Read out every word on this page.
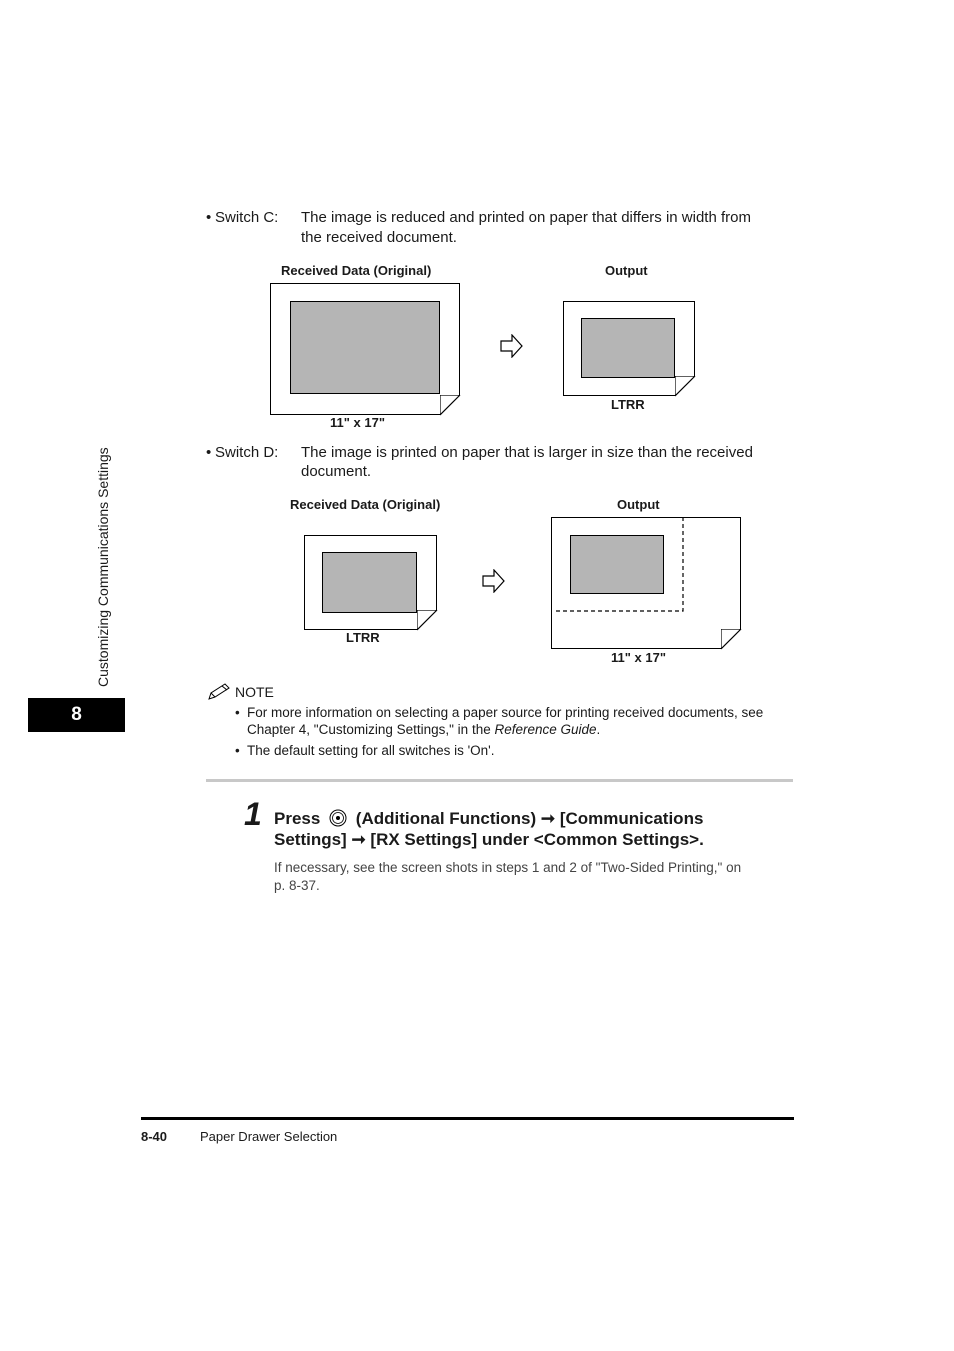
Customizing Communications Settings
8
• Switch C: The image is reduced and printed on paper that differs in width from
the received document.
Received Data (Original)	Output
11" x 17"
LTRR
• Switch D: The image is printed on paper that is larger in size than the received
document.
Received Data (Original)	Output
LTRR
11" x 17"
NOTE
• For more information on selecting a paper source for printing received documents, see
Chapter 4, "Customizing Settings," in the Reference Guide.
• The default setting for all switches is 'On'.
1 Press (Additional Functions) ➞ [Communications
Settings] ➞ [RX Settings] under <Common Settings>.
If necessary, see the screen shots in steps 1 and 2 of "Two-Sided Printing," on
p. 8-37.
8-40	Paper Drawer Selection
